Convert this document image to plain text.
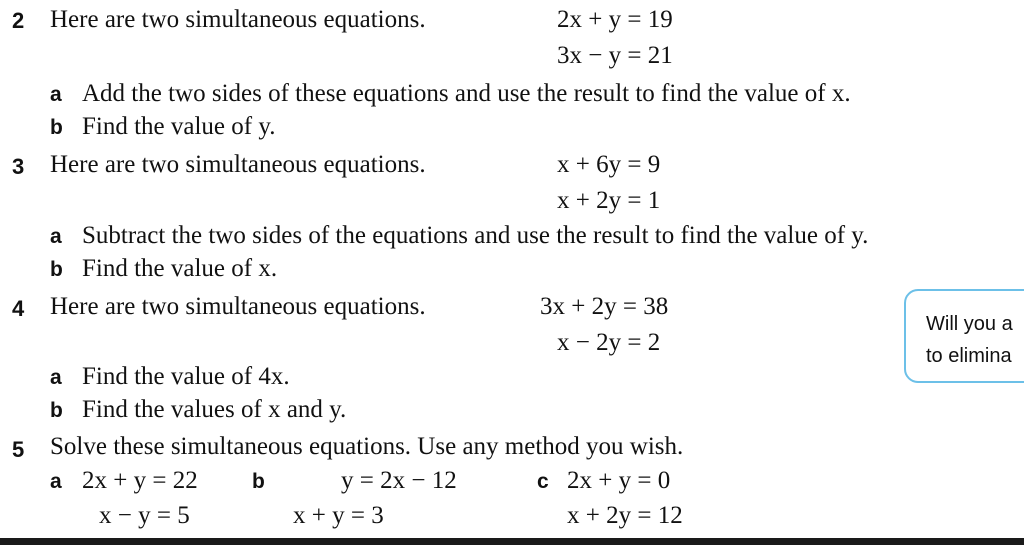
2 Here are two simultaneous equations.	2x + y = 19
3x − y = 21
a Add the two sides of these equations and use the result to find the value of x.
b Find the value of y.
3 Here are two simultaneous equations.	x + 6y = 9
x + 2y = 1
a Subtract the two sides of the equations and use the result to find the value of y.
b Find the value of x.
4 Here are two simultaneous equations.	3x + 2y = 38
x − 2y = 2
a Find the value of 4x.
b Find the values of x and y.
Will you a
to elimina
5 Solve these simultaneous equations. Use any method you wish.
a 2x + y = 22
x − y = 5
b	y = 2x − 12
x + y = 3
c 2x + y = 0
x + 2y = 12
